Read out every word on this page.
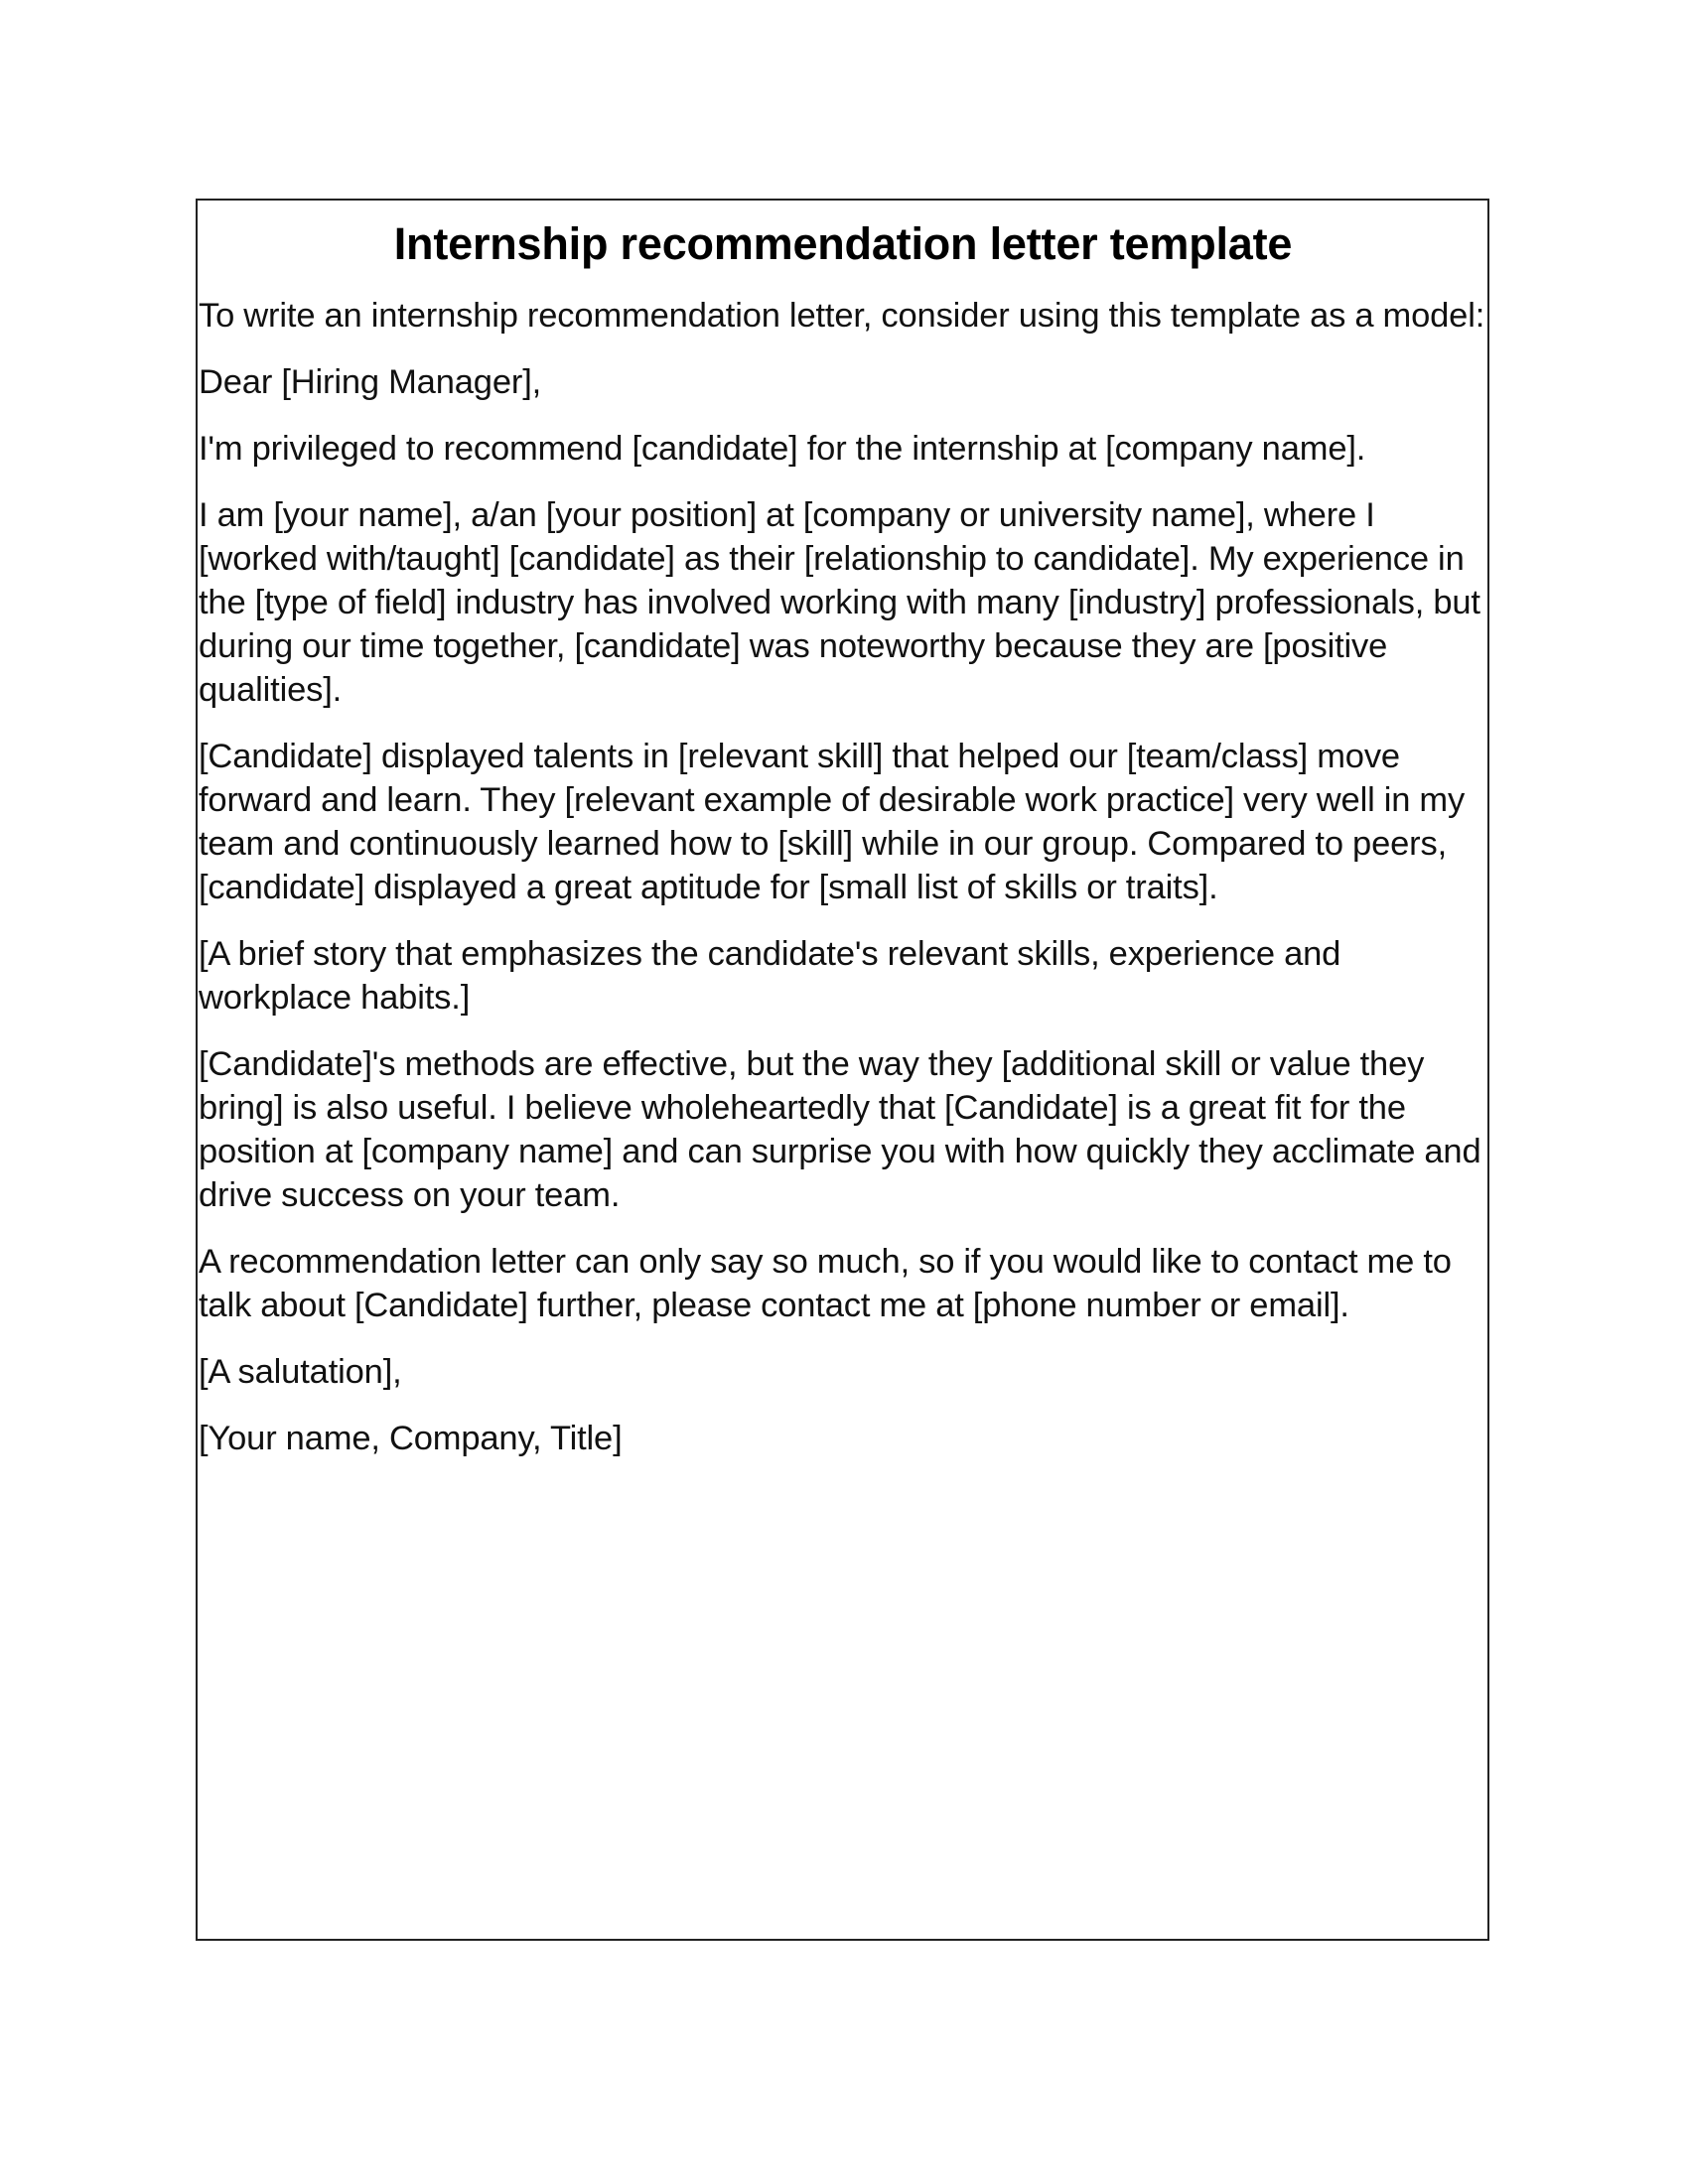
Internship recommendation letter template

To write an internship recommendation letter, consider using this template as a model:

Dear [Hiring Manager],

I'm privileged to recommend [candidate] for the internship at [company name].

I am [your name], a/an [your position] at [company or university name], where I [worked with/taught] [candidate] as their [relationship to candidate]. My experience in the [type of field] industry has involved working with many [industry] professionals, but during our time together, [candidate] was noteworthy because they are [positive qualities].

[Candidate] displayed talents in [relevant skill] that helped our [team/class] move forward and learn. They [relevant example of desirable work practice] very well in my team and continuously learned how to [skill] while in our group. Compared to peers, [candidate] displayed a great aptitude for [small list of skills or traits].

[A brief story that emphasizes the candidate's relevant skills, experience and workplace habits.]

[Candidate]'s methods are effective, but the way they [additional skill or value they bring] is also useful. I believe wholeheartedly that [Candidate] is a great fit for the position at [company name] and can surprise you with how quickly they acclimate and drive success on your team.

A recommendation letter can only say so much, so if you would like to contact me to talk about [Candidate] further, please contact me at [phone number or email].

[A salutation],

[Your name, Company, Title]
